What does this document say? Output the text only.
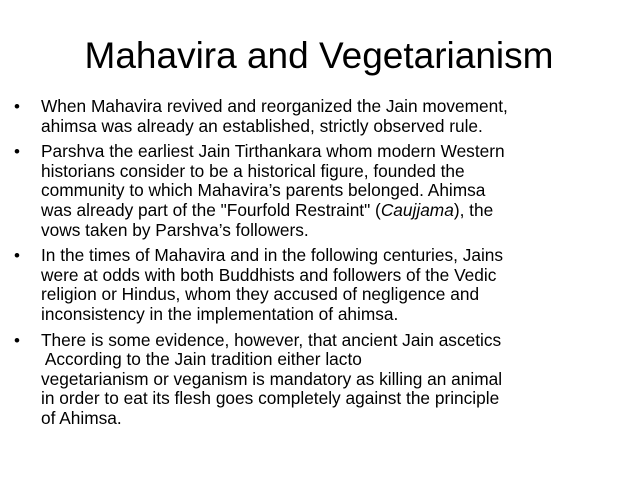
Mahavira and Vegetarianism
•	When Mahavira revived and reorganized the Jain movement,
ahimsa was already an established, strictly observed rule.
•	Parshva the earliest Jain Tirthankara whom modern Western
historians consider to be a historical figure, founded the
community to which Mahavira’s parents belonged. Ahimsa
was already part of the "Fourfold Restraint" (Caujjama), the
vows taken by Parshva’s followers.
•	In the times of Mahavira and in the following centuries, Jains
were at odds with both Buddhists and followers of the Vedic
religion or Hindus, whom they accused of negligence and
inconsistency in the implementation of ahimsa.
•	There is some evidence, however, that ancient Jain ascetics
According to the Jain tradition either lacto
vegetarianism or veganism is mandatory as killing an animal
in order to eat its flesh goes completely against the principle
of Ahimsa.
